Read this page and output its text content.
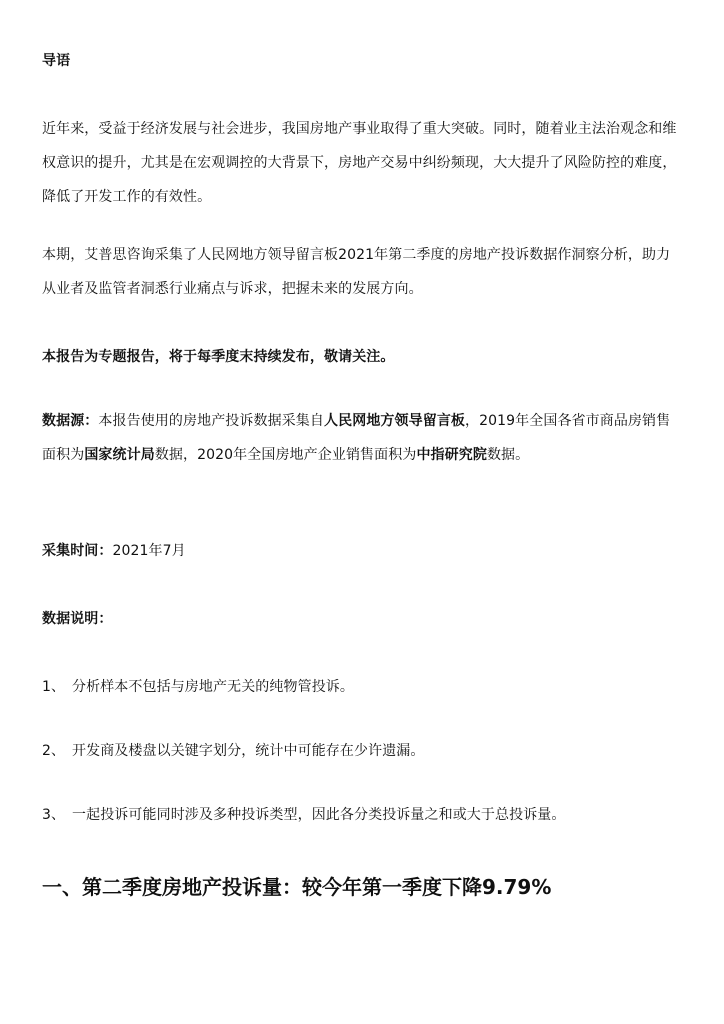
导语
近年来，受益于经济发展与社会进步，我国房地产事业取得了重大突破。同时，随着业主法治观念和维权意识的提升，尤其是在宏观调控的大背景下，房地产交易中纠纷频现，大大提升了风险防控的难度，降低了开发工作的有效性。
本期，艾普思咨询采集了人民网地方领导留言板2021年第二季度的房地产投诉数据作洞察分析，助力从业者及监管者洞悉行业痛点与诉求，把握未来的发展方向。
本报告为专题报告，将于每季度末持续发布，敬请关注。
数据源：本报告使用的房地产投诉数据采集自人民网地方领导留言板，2019年全国各省市商品房销售面积为国家统计局数据，2020年全国房地产企业销售面积为中指研究院数据。
采集时间：2021年7月
数据说明：
1、 分析样本不包括与房地产无关的纯物管投诉。
2、 开发商及楼盘以关键字划分，统计中可能存在少许遗漏。
3、 一起投诉可能同时涉及多种投诉类型，因此各分类投诉量之和或大于总投诉量。
一、第二季度房地产投诉量：较今年第一季度下降9.79%
